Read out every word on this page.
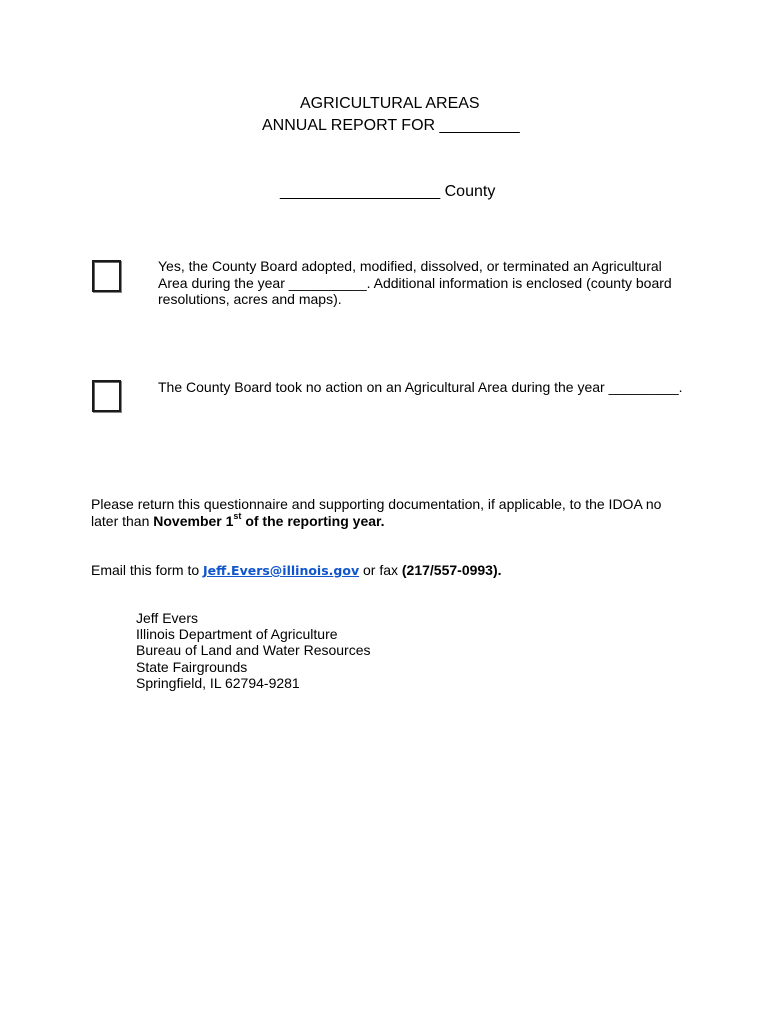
AGRICULTURAL AREAS
ANNUAL REPORT FOR _________
__________________ County
Yes, the County Board adopted, modified, dissolved, or terminated an Agricultural
Area during the year __________. Additional information is enclosed (county board
resolutions, acres and maps).
The County Board took no action on an Agricultural Area during the year _________.
Please return this questionnaire and supporting documentation, if applicable, to the IDOA no
later than November 1st of the reporting year.
Email this form to Jeff.Evers@illinois.gov or fax (217/557-0993).
Jeff Evers
Illinois Department of Agriculture
Bureau of Land and Water Resources
State Fairgrounds
Springfield, IL 62794-9281
